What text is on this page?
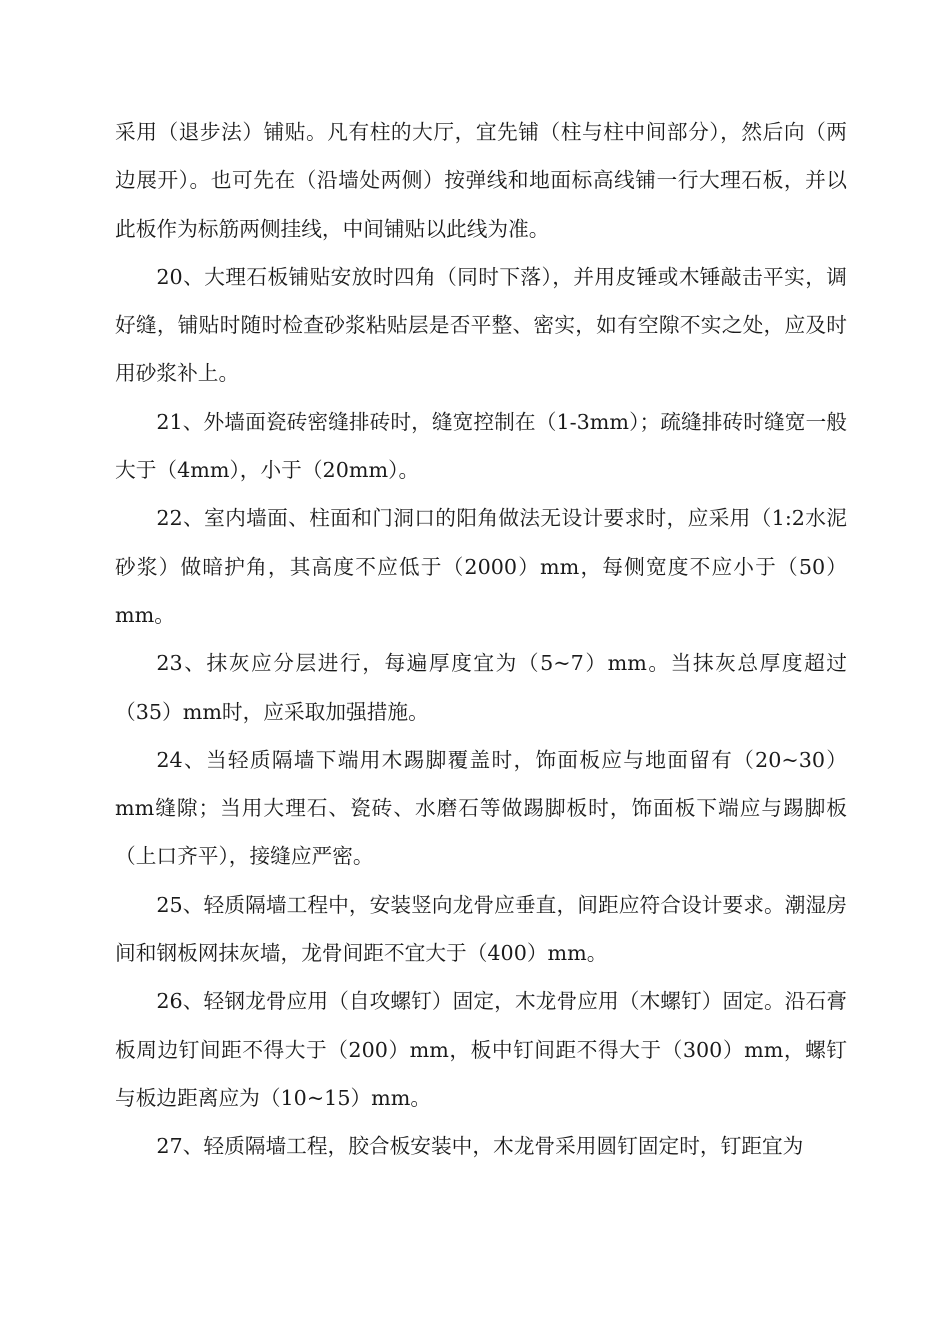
采用（退步法）铺贴。凡有柱的大厅，宜先铺（柱与柱中间部分），然后向（两边展开）。也可先在（沿墙处两侧）按弹线和地面标高线铺一行大理石板，并以此板作为标筋两侧挂线，中间铺贴以此线为准。

20、大理石板铺贴安放时四角（同时下落），并用皮锤或木锤敲击平实，调好缝，铺贴时随时检查砂浆粘贴层是否平整、密实，如有空隙不实之处，应及时用砂浆补上。

21、外墙面瓷砖密缝排砖时，缝宽控制在（1-3mm）；疏缝排砖时缝宽一般大于（4mm），小于（20mm）。

22、室内墙面、柱面和门洞口的阳角做法无设计要求时，应采用（1:2水泥砂浆）做暗护角，其高度不应低于（2000）mm，每侧宽度不应小于（50）mm。

23、抹灰应分层进行，每遍厚度宜为（5~7）mm。当抹灰总厚度超过（35）mm时，应采取加强措施。

24、当轻质隔墙下端用木踢脚覆盖时，饰面板应与地面留有（20~30）mm缝隙；当用大理石、瓷砖、水磨石等做踢脚板时，饰面板下端应与踢脚板（上口齐平），接缝应严密。

25、轻质隔墙工程中，安装竖向龙骨应垂直，间距应符合设计要求。潮湿房间和钢板网抹灰墙，龙骨间距不宜大于（400）mm。

26、轻钢龙骨应用（自攻螺钉）固定，木龙骨应用（木螺钉）固定。沿石膏板周边钉间距不得大于（200）mm，板中钉间距不得大于（300）mm，螺钉与板边距离应为（10~15）mm。

27、轻质隔墙工程，胶合板安装中，木龙骨采用圆钉固定时，钉距宜为
